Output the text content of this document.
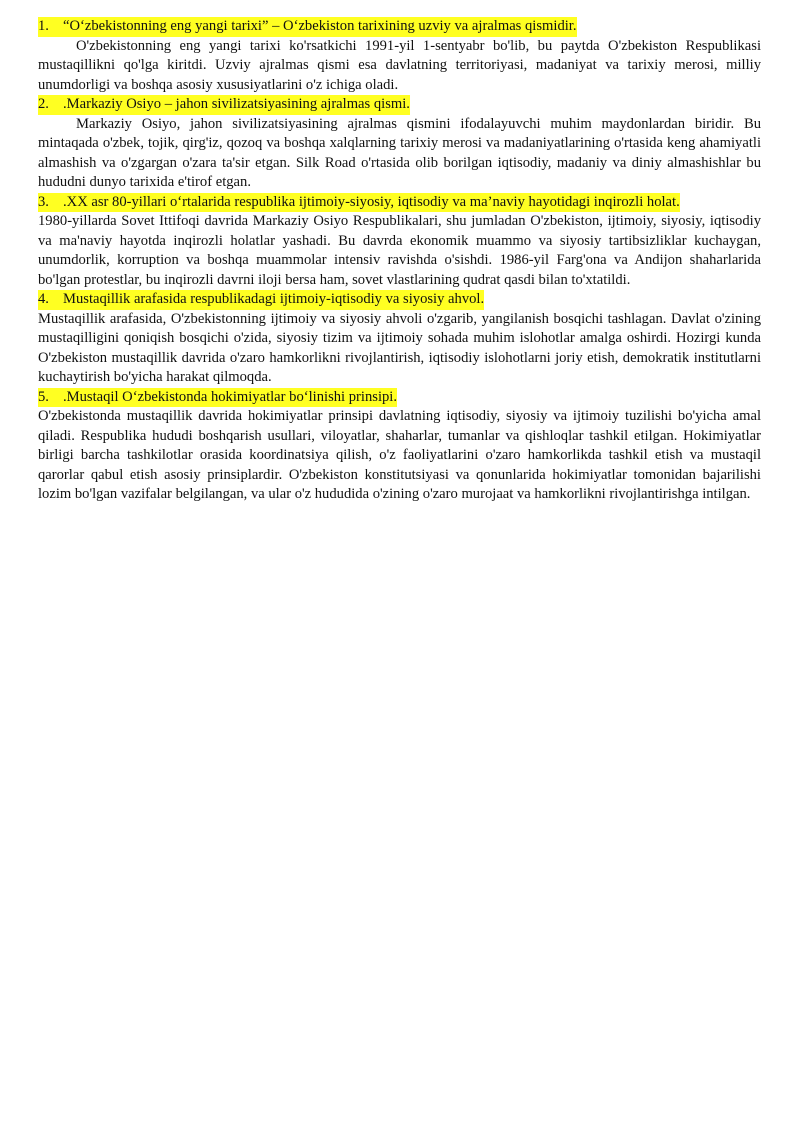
1. “O‘zbekistonning eng yangi tarixi” – O‘zbekiston tarixining uzviy va ajralmas qismidir.

O'zbekistonning eng yangi tarixi ko'rsatkichi 1991-yil 1-sentyabr bo'lib, bu paytda O'zbekiston Respublikasi mustaqillikni qo'lga kiritdi. Uzviy ajralmas qismi esa davlatning territoriyasi, madaniyat va tarixiy merosi, milliy unumdorligi va boshqa asosiy xususiyatlarini o'z ichiga oladi.

2. .Markaziy Osiyo – jahon sivilizatsiyasining ajralmas qismi.

Markaziy Osiyo, jahon sivilizatsiyasining ajralmas qismini ifodalayuvchi muhim maydonlardan biridir. Bu mintaqada o'zbek, tojik, qirg'iz, qozoq va boshqa xalqlarning tarixiy merosi va madaniyatlarining o'rtasida keng ahamiyatli almashish va o'zgargan o'zara ta'sir etgan. Silk Road o'rtasida olib borilgan iqtisodiy, madaniy va diniy almashishlar bu hududni dunyo tarixida e'tirof etgan.

3. .XX asr 80-yillari o‘rtalarida respublika ijtimoiy-siyosiy, iqtisodiy va ma’naviy hayotidagi inqirozli holat.

1980-yillarda Sovet Ittifoqi davrida Markaziy Osiyo Respublikalari, shu jumladan O'zbekiston, ijtimoiy, siyosiy, iqtisodiy va ma'naviy hayotda inqirozli holatlar yashadi. Bu davrda ekonomik muammo va siyosiy tartibsizliklar kuchaygan, unumdorlik, korruption va boshqa muammolar intensiv ravishda o'sishdi. 1986-yil Farg'ona va Andijon shaharlarida bo'lgan protestlar, bu inqirozli davrni iloji bersa ham, sovet vlastlarining qudrat qasdi bilan to'xtatildi.

4. Mustaqillik arafasida respublikadagi ijtimoiy-iqtisodiy va siyosiy ahvol.

Mustaqillik arafasida, O'zbekistonning ijtimoiy va siyosiy ahvoli o'zgarib, yangilanish bosqichi tashlagan. Davlat o'zining mustaqilligini qoniqish bosqichi o'zida, siyosiy tizim va ijtimoiy sohada muhim islohotlar amalga oshirdi. Hozirgi kunda O'zbekiston mustaqillik davrida o'zaro hamkorlikni rivojlantirish, iqtisodiy islohotlarni joriy etish, demokratik institutlarni kuchaytirish bo'yicha harakat qilmoqda.

5. .Mustaqil O‘zbekistonda hokimiyatlar bo‘linishi prinsipi.

O'zbekistonda mustaqillik davrida hokimiyatlar prinsipi davlatning iqtisodiy, siyosiy va ijtimoiy tuzilishi bo'yicha amal qiladi. Respublika hududi boshqarish usullari, viloyatlar, shaharlar, tumanlar va qishloqlar tashkil etilgan. Hokimiyatlar birligi barcha tashkilotlar orasida koordinatsiya qilish, o'z faoliyatlarini o'zaro hamkorlikda tashkil etish va mustaqil qarorlar qabul etish asosiy prinsiplardir. O'zbekiston konstitutsiyasi va qonunlarida hokimiyatlar tomonidan bajarilishi lozim bo'lgan vazifalar belgilangan, va ular o'z hududida o'zining o'zaro murojaat va hamkorlikni rivojlantirishga intilgan.
